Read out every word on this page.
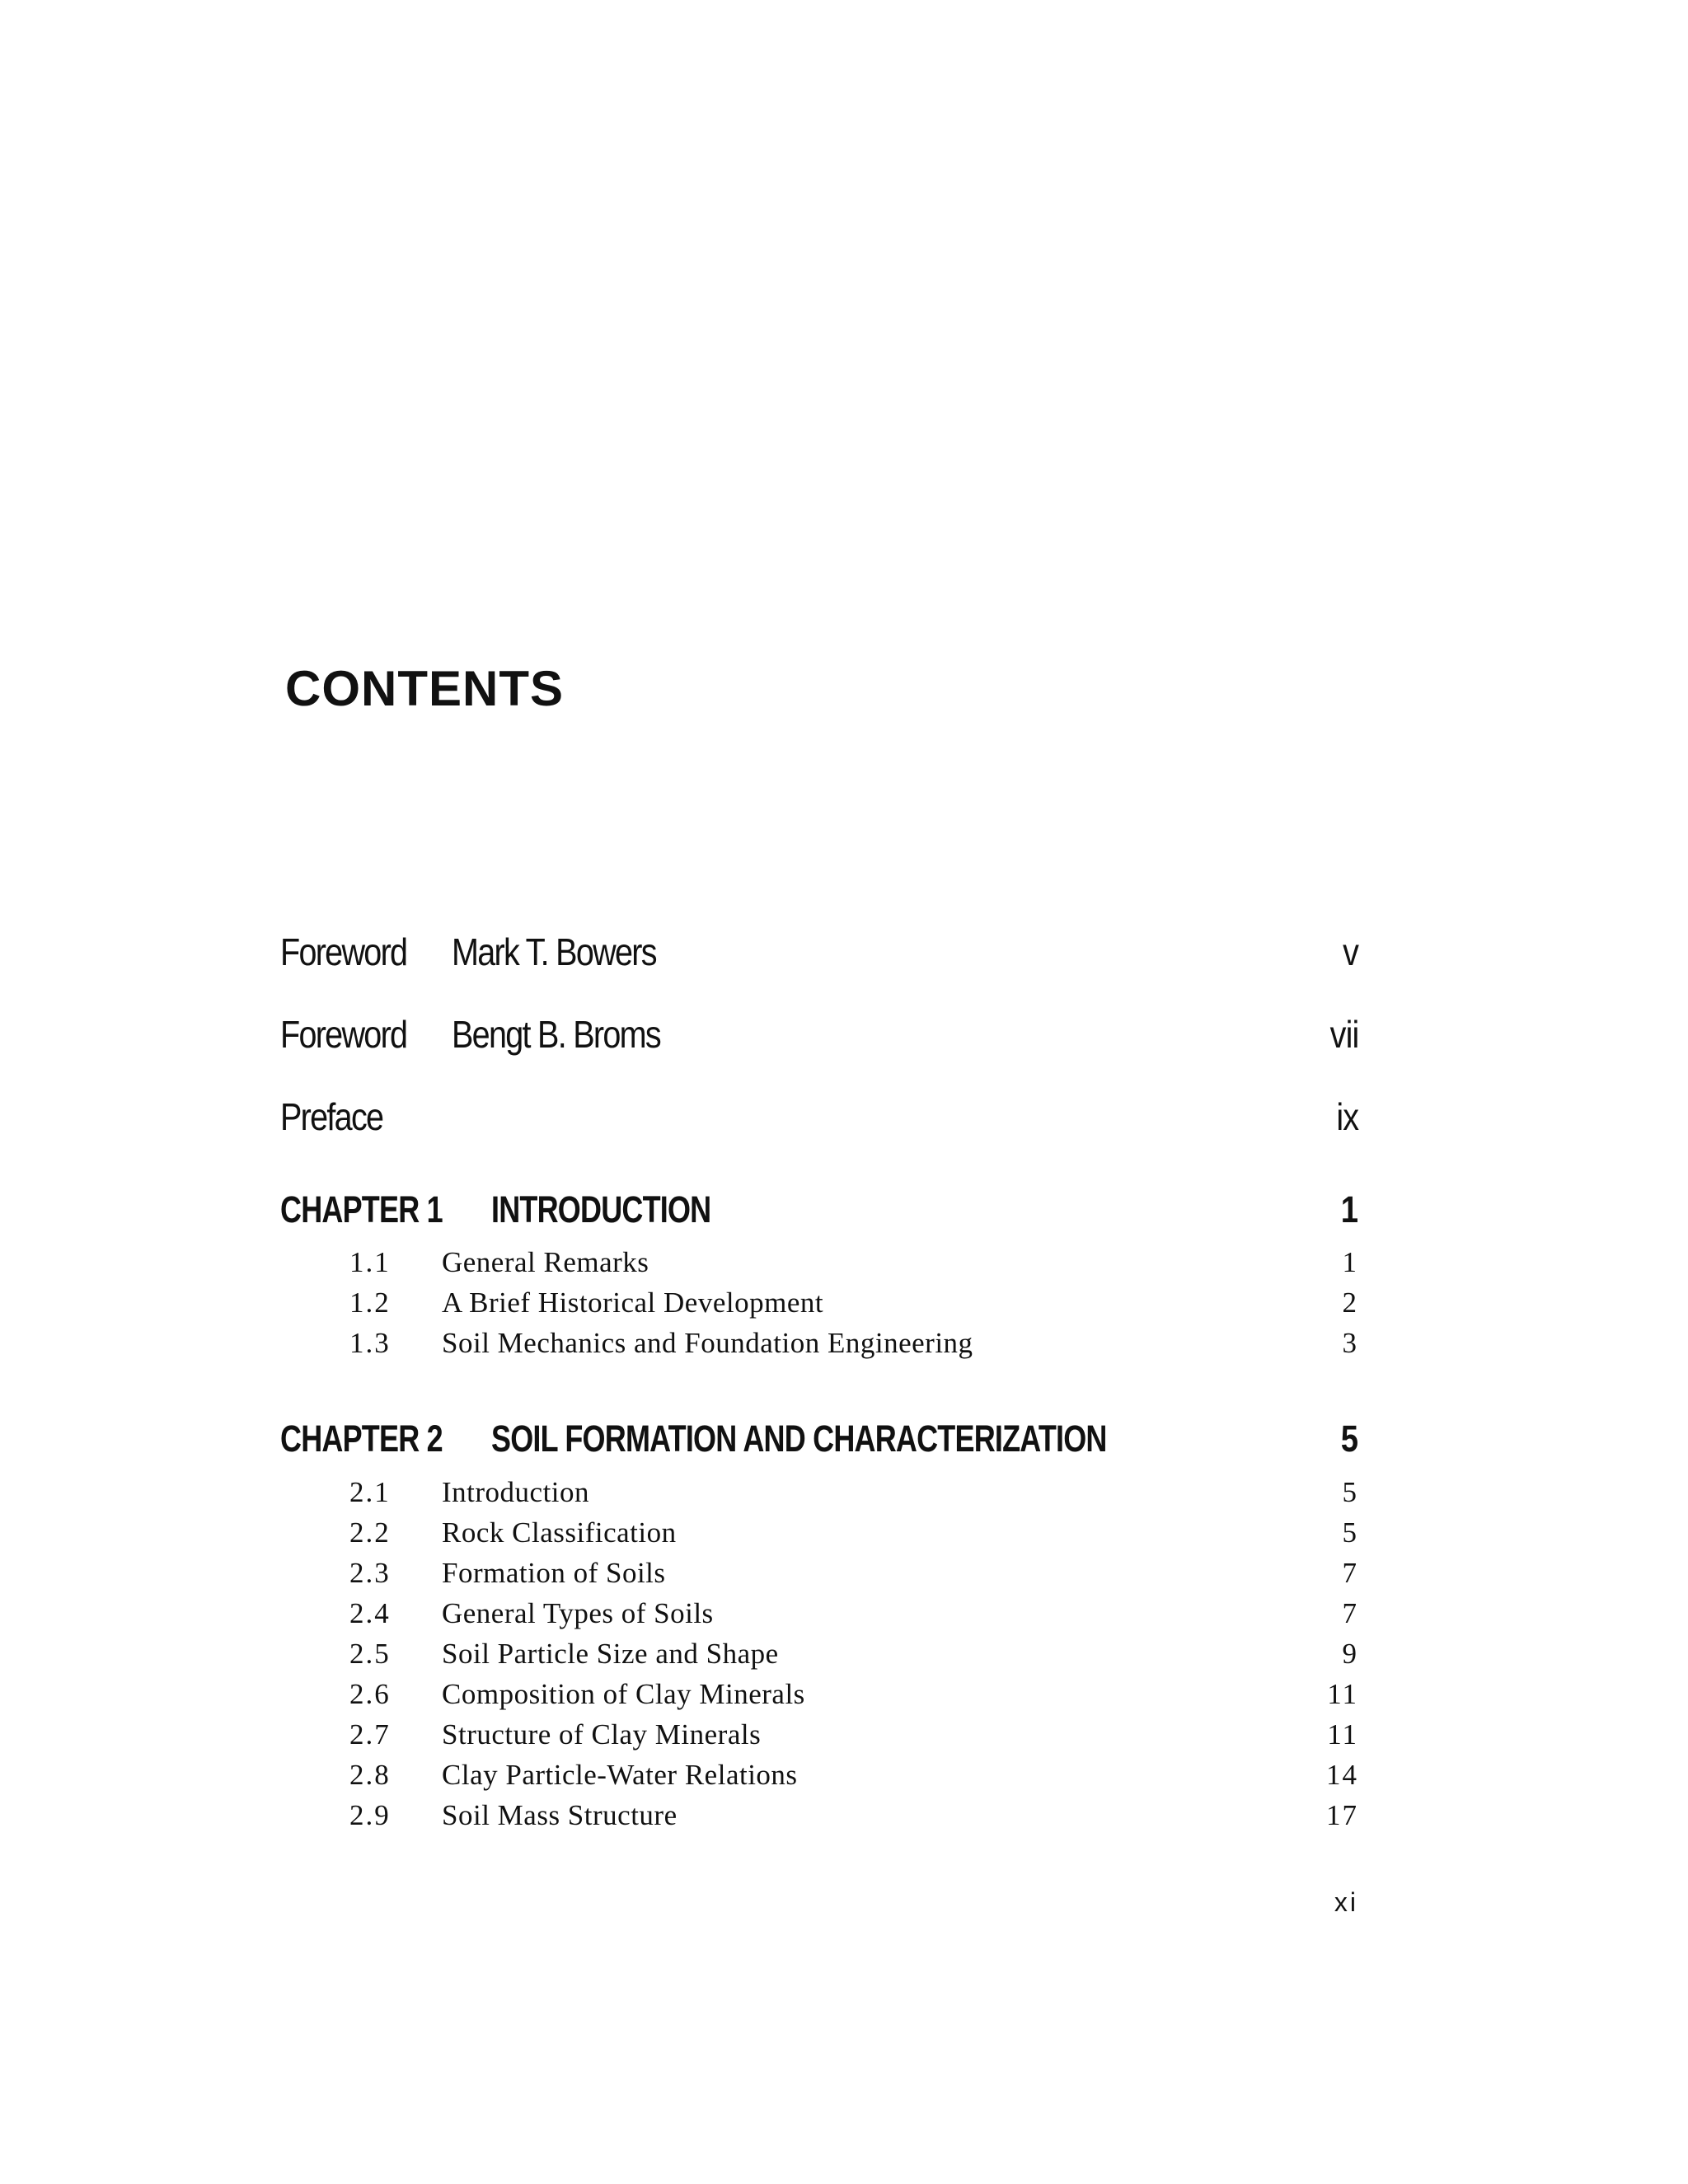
CONTENTS
Foreword Mark T. Bowers	v
Foreword Bengt B. Broms	vii
Preface	ix
CHAPTER 1 INTRODUCTION	1
1.1 General Remarks	1
1.2 A Brief Historical Development	2
1.3 Soil Mechanics and Foundation Engineering	3
CHAPTER 2 SOIL FORMATION AND CHARACTERIZATION	5
2.1 Introduction	5
2.2 Rock Classification	5
2.3 Formation of Soils	7
2.4 General Types of Soils	7
2.5 Soil Particle Size and Shape	9
2.6 Composition of Clay Minerals	11
2.7 Structure of Clay Minerals	11
2.8 Clay Particle-Water Relations	14
2.9 Soil Mass Structure	17
xi
